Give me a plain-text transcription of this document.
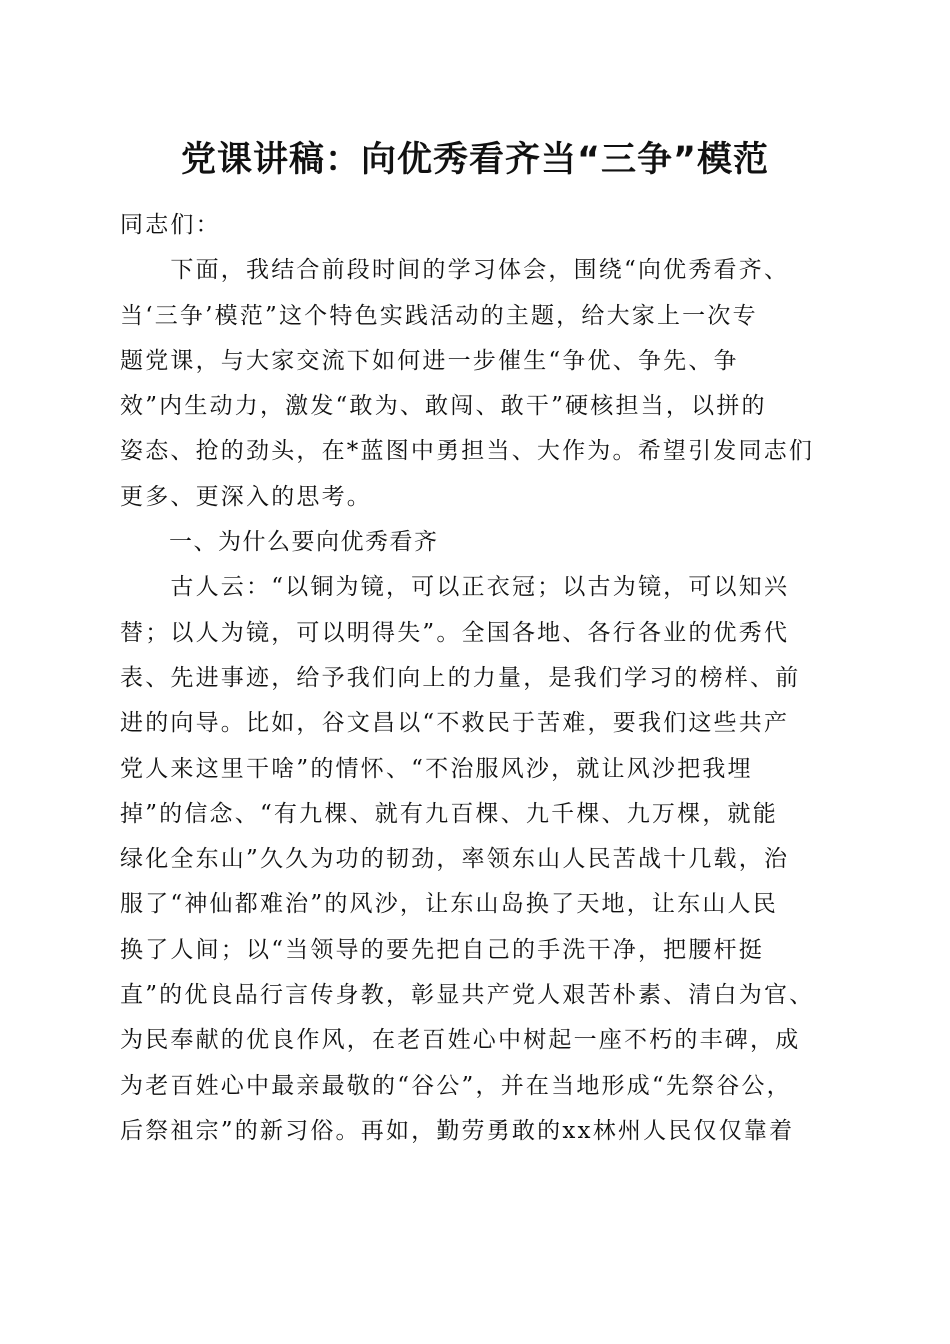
党课讲稿：向优秀看齐当“三争”模范
同志们：
　　下面，我结合前段时间的学习体会，围绕“向优秀看齐、
当‘三争’模范”这个特色实践活动的主题，给大家上一次专
题党课，与大家交流下如何进一步催生“争优、争先、争
效”内生动力，激发“敢为、敢闯、敢干”硬核担当，以拼的
姿态、抢的劲头，在*蓝图中勇担当、大作为。希望引发同志们
更多、更深入的思考。
　　一、为什么要向优秀看齐
　　古人云：“以铜为镜，可以正衣冠；以古为镜，可以知兴
替；以人为镜，可以明得失”。全国各地、各行各业的优秀代
表、先进事迹，给予我们向上的力量，是我们学习的榜样、前
进的向导。比如，谷文昌以“不救民于苦难，要我们这些共产
党人来这里干啥”的情怀、“不治服风沙，就让风沙把我埋
掉”的信念、“有九棵、就有九百棵、九千棵、九万棵，就能
绿化全东山”久久为功的韧劲，率领东山人民苦战十几载，治
服了“神仙都难治”的风沙，让东山岛换了天地，让东山人民
换了人间；以“当领导的要先把自己的手洗干净，把腰杆挺
直”的优良品行言传身教，彰显共产党人艰苦朴素、清白为官、
为民奉献的优良作风，在老百姓心中树起一座不朽的丰碑，成
为老百姓心中最亲最敬的“谷公”，并在当地形成“先祭谷公，
后祭祖宗”的新习俗。再如，勤劳勇敢的xx林州人民仅仅靠着
